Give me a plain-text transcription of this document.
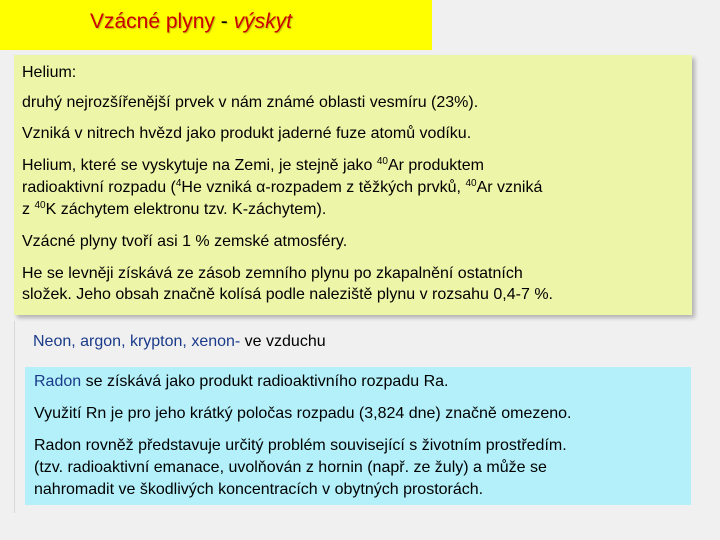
Vzácné plyny - výskyt

Helium:

druhý nejrozšířenější prvek v nám známé oblasti vesmíru (23%).

Vzniká v nitrech hvězd jako produkt jaderné fuze atomů vodíku.

Helium, které se vyskytuje na Zemi, je stejně jako $^{40}$Ar produktem

radioaktivní rozpadu ($^4$He vzniká α-rozpadem z těžkých prvků, $^{40}$Ar vzniká

z $^{40}$K záchytem elektronu tzv. K‑záchytem).

Vzácné plyny tvoří asi 1 % zemské atmosféry.

He se levněji získává ze zásob zemního plynu po zkapalnění ostatních

složek. Jeho obsah značně kolísá podle naleziště plynu v rozsahu 0,4‑7 %.

Neon, argon, krypton, xenon- ve vzduchu

Radon se získává jako produkt radioaktivního rozpadu Ra.

Využití Rn je pro jeho krátký poločas rozpadu (3,824 dne) značně omezeno.

Radon rovněž představuje určitý problém související s životním prostředím.

(tzv. radioaktivní emanace, uvolňován z hornin (např. ze žuly) a může se

nahromadit ve škodlivých koncentracích v obytných prostorách.
